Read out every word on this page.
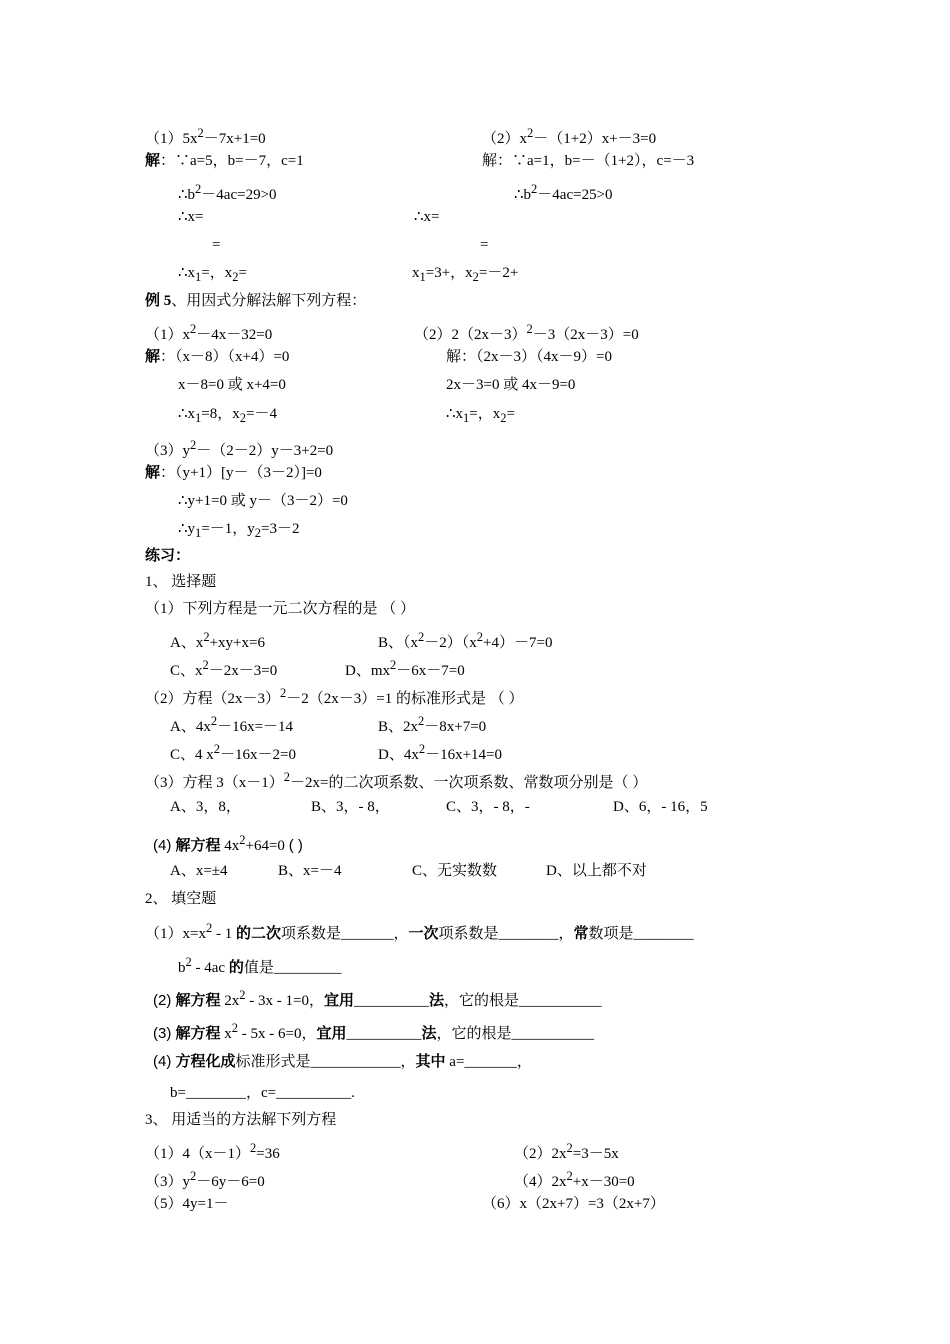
$(1)5x^2-7x+1=0$	$(2)x^2-(1+2)x+-3=0$
解：∵a=5，b=－7，c=1	解：∵a=1，b=－（1+2），c=－3
$\therefore b^2-4ac=29>0$	$\therefore b^2-4ac=25>0$
∴x=	∴x=
=	=
$\therefore x_1=$，$x_2=$	$x_1=3+$，$x_2=-2+$
例 5、用因式分解法解下列方程：
$(1)x^2-4x-32=0$	$(2)2(2x-3)^2-3(2x-3)=0$
解：（x－8）（x+4）=0	解：（2x－3）（4x－9）=0
x－8=0 或 x+4=0	2x－3=0 或 4x－9=0
$\therefore x_1=8$，$x_2=-4$	$\therefore x_1=$，$x_2=$
$(3)y^2-(2-2)y-3+2=0$
解：（y+1）[y－（3－2）]=0
∴y+1=0 或 y－（3－2）=0
$\therefore y_1=-1$，$y_2=3-2$
练习：
1、 选择题
（1）下列方程是一元二次方程的是 （ ）
A、$x^2+xy+x=6$	B、$(x^2-2)(x^2+4)-7=0$
C、$x^2-2x-3=0$	D、$mx^2-6x-7=0$
（2）方程$(2x-3)^2-2(2x-3)=1$ 的标准形式是 （ ）
A、$4x^2-16x=-14$	B、$2x^2-8x+7=0$
C、4 $x^2-16x-2=0$	D、$4x^2-16x+14=0$
（3）方程 $3(x-1)^2-2x=$的二次项系数、一次项系数、常数项分别是（ ）
A、3，8，	B、3，- 8，	C、3，- 8，-	D、6，- 16，5
(4) 解方程 $4x^2+64=0$ ( )
A、x=±4	B、x=－4	C、无实数数	D、以上都不对
2、 填空题
$(1)x=x^2 - 1$ 的二次项系数是_______，一次项系数是________，常数项是________
$b^2 - 4ac$ 的值是_________
(2) 解方程 $2x^2 - 3x - 1=0$，宜用__________法，它的根是___________
(3) 解方程 $x^2 - 5x - 6=0$，宜用__________法，它的根是___________
(4) 方程化成标准形式是____________，其中 a=_______，
b=________，c=__________.
3、 用适当的方法解下列方程
$(1)4(x-1)^2=36$	$(2)2x^2=3-5x$
$(3)y^2-6y-6=0$	$(4)2x^2+x-30=0$
（5）4y=1－	（6）x（2x+7）=3（2x+7）
